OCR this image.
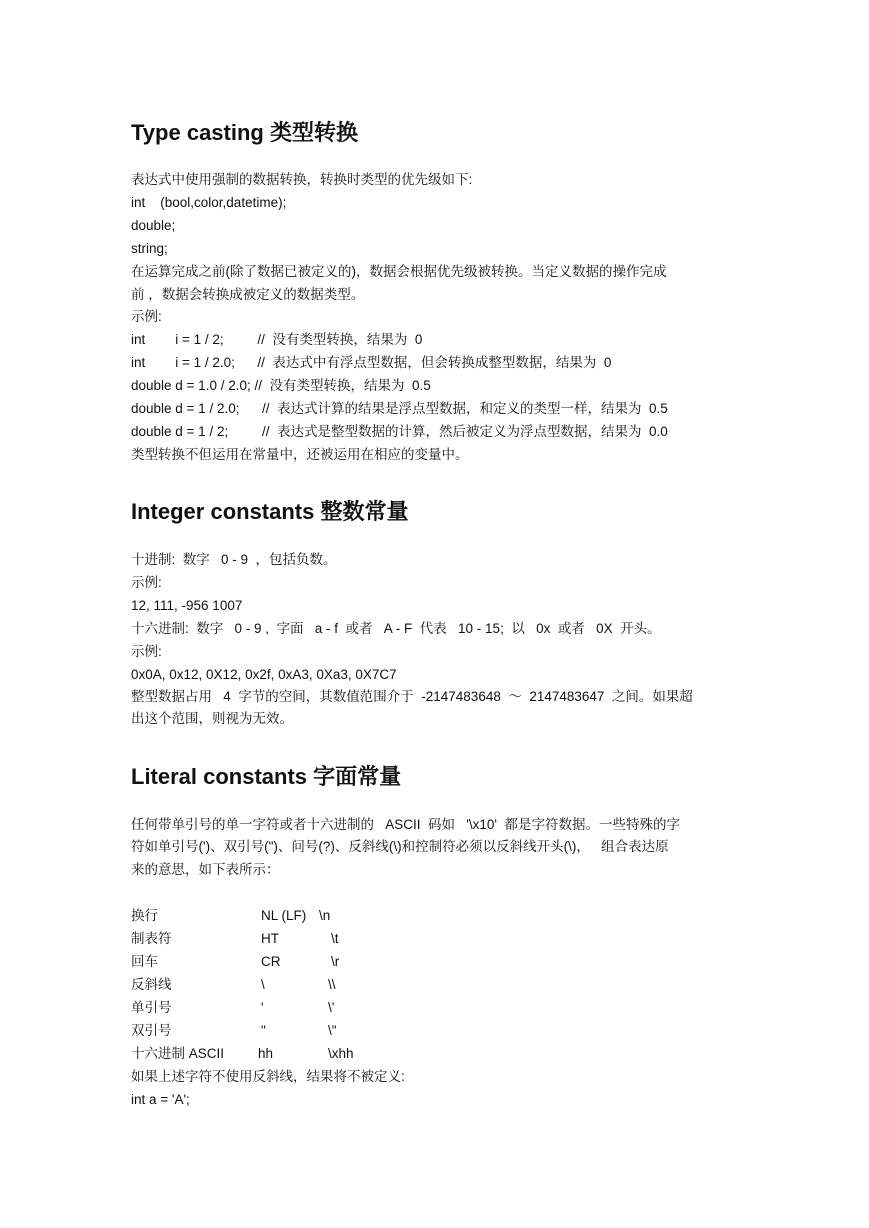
Type casting 类型转换
表达式中使用强制的数据转换，转换时类型的优先级如下:
int    (bool,color,datetime);
double;
string;
在运算完成之前(除了数据已被定义的)，数据会根据优先级被转换。当定义数据的操作完成
前 ，数据会转换成被定义的数据类型。
示例:
int        i = 1 / 2;         //  没有类型转换，结果为  0
int        i = 1 / 2.0;      //  表达式中有浮点型数据，但会转换成整型数据，结果为  0
double d = 1.0 / 2.0; //  没有类型转换，结果为  0.5
double d = 1 / 2.0;      //  表达式计算的结果是浮点型数据，和定义的类型一样，结果为  0.5
double d = 1 / 2;         //  表达式是整型数据的计算，然后被定义为浮点型数据，结果为  0.0
类型转换不但运用在常量中，还被运用在相应的变量中。
Integer constants 整数常量
十进制:  数字   0 - 9  ，包括负数。
示例:
12, 111, -956 1007
十六进制:  数字   0 - 9 ,  字面   a - f  或者   A - F  代表   10 - 15;  以   0x  或者   0X  开头。
示例:
0x0A, 0x12, 0X12, 0x2f, 0xA3, 0Xa3, 0X7C7
整型数据占用   4  字节的空间，其数值范围介于  -2147483648  ～  2147483647  之间。如果超
出这个范围，则视为无效。
Literal constants 字面常量
任何带单引号的单一字符或者十六进制的   ASCII  码如   '\x10'  都是字符数据。一些特殊的字
符如单引号(')、双引号(")、问号(?)、反斜线(\)和控制符必须以反斜线开头(\)，   组合表达原
来的意思，如下表所示：
换行	NL (LF) \n
制表符	HT	\t
回车	CR	\r
反斜线	\	\\
单引号	'	\'
双引号	"	\"
十六进制 ASCII	hh	\xhh
如果上述字符不使用反斜线，结果将不被定义:
int a = 'A';
